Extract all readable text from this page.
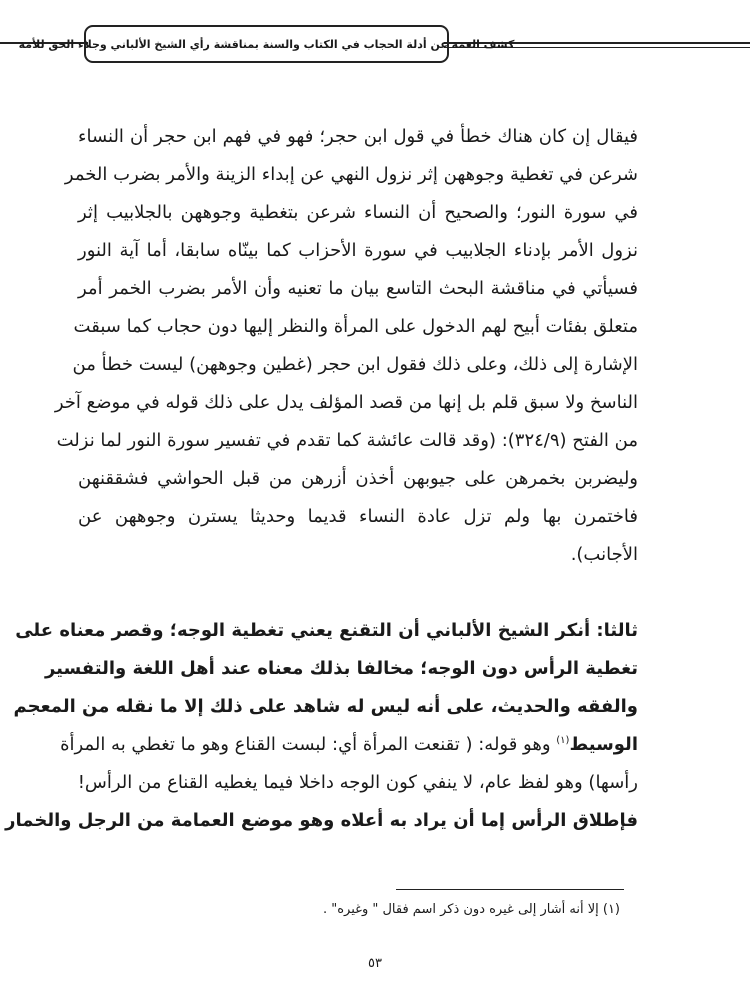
كشف الغمة عن أدلة الحجاب في الكتاب والسنة بمناقشة رأي الشيخ الألباني وجلاء الحق للأمة
فيقال إن كان هناك خطأ في قول ابن حجر؛ فهو في فهم ابن حجر أن النساء
شرعن في تغطية وجوههن إثر نزول النهي عن إبداء الزينة والأمر بضرب الخمر
في سورة النور؛ والصحيح أن النساء شرعن بتغطية وجوههن بالجلابيب إثر
نزول الأمر بإدناء الجلابيب في سورة الأحزاب كما بينّاه سابقا، أما آية النور
فسيأتي في مناقشة البحث التاسع بيان ما تعنيه وأن الأمر بضرب الخمر أمر
متعلق بفئات أبيح لهم الدخول على المرأة والنظر إليها دون حجاب كما سبقت
الإشارة إلى ذلك، وعلى ذلك فقول ابن حجر (غطين وجوههن) ليست خطأ من
الناسخ ولا سبق قلم بل إنها من قصد المؤلف يدل على ذلك قوله في موضع آخر
من الفتح (٣٢٤/٩): (وقد قالت عائشة كما تقدم في تفسير سورة النور لما نزلت
وليضربن بخمرهن على جيوبهن أخذن أزرهن من قبل الحواشي فشققنهن
فاختمرن بها ولم تزل عادة النساء قديما وحديثا يسترن وجوههن عن
الأجانب).
ثالثا: أنكر الشيخ الألباني أن التقنع يعني تغطية الوجه؛ وقصر معناه على
تغطية الرأس دون الوجه؛ مخالفا بذلك معناه عند أهل اللغة والتفسير
والفقه والحديث، على أنه ليس له شاهد على ذلك إلا ما نقله من المعجم
الوسيط$^{(١)}$ وهو قوله: ( تقنعت المرأة أي: لبست القناع وهو ما تغطي به المرأة
رأسها) وهو لفظ عام، لا ينفي كون الوجه داخلا فيما يغطيه القناع من الرأس!
فإطلاق الرأس إما أن يراد به أعلاه وهو موضع العمامة من الرجل والخمار
(١) إلا أنه أشار إلى غيره دون ذكر اسم فقال " وغيره" .
٥٣
